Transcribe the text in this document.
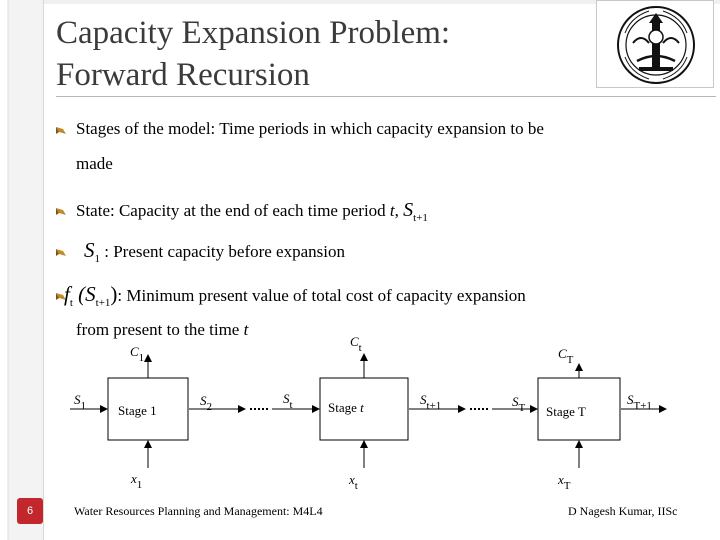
Capacity Expansion Problem:
Forward Recursion
Stages of the model: Time periods in which capacity expansion to be
made
State: Capacity at the end of each time period t, $S_{t+1}$
$S_1$ : Present capacity before expansion
$f_t$ $(S_{t+1})$: Minimum present value of total cost of capacity expansion
from present to the time t
$C_1$
$C_t$	$C_T$
$S_1$ Stage 1
$S_2$
$S_t$	Stage t
$S_{t+1}$	$S_T$ Stage T
$S_{T+1}$
$x_1$	$x_t$	$x_T$
6	Water Resources Planning and Management: M4L4	D Nagesh Kumar, IISc
